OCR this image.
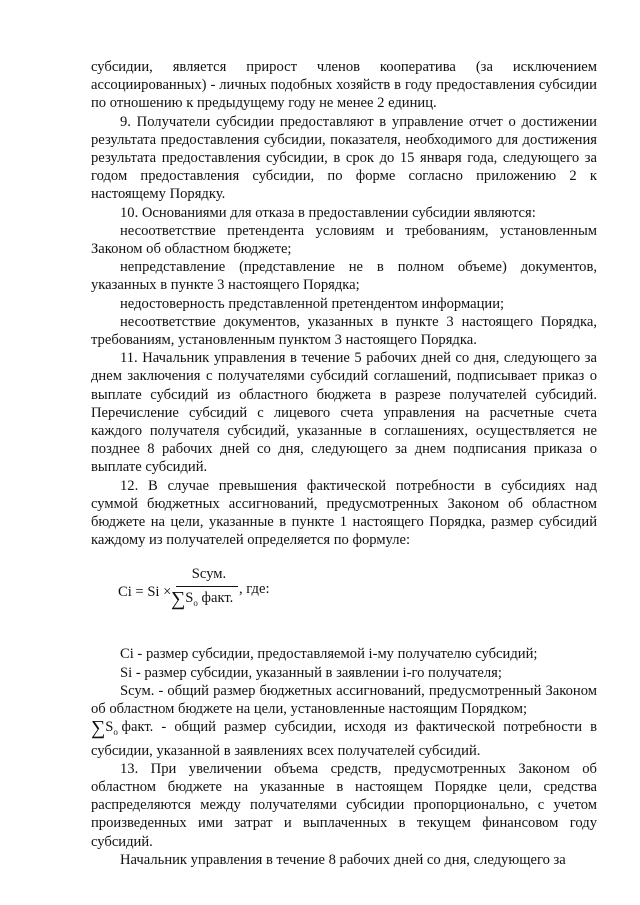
субсидии, является прирост членов кооператива (за исключением ассоциированных) - личных подобных хозяйств в году предоставления субсидии по отношению к предыдущему году не менее 2 единиц.

9. Получатели субсидии предоставляют в управление отчет о достижении результата предоставления субсидии, показателя, необходимого для достижения результата предоставления субсидии, в срок до 15 января года, следующего за годом предоставления субсидии, по форме согласно приложению 2 к настоящему Порядку.

10. Основаниями для отказа в предоставлении субсидии являются:

несоответствие претендента условиям и требованиям, установленным Законом об областном бюджете;

непредставление (представление не в полном объеме) документов, указанных в пункте 3 настоящего Порядка;

недостоверность представленной претендентом информации;

несоответствие документов, указанных в пункте 3 настоящего Порядка, требованиям, установленным пунктом 3 настоящего Порядка.

11. Начальник управления в течение 5 рабочих дней со дня, следующего за днем заключения с получателями субсидий соглашений, подписывает приказ о выплате субсидий из областного бюджета в разрезе получателей субсидий. Перечисление субсидий с лицевого счета управления на расчетные счета каждого получателя субсидий, указанные в соглашениях, осуществляется не позднее 8 рабочих дней со дня, следующего за днем подписания приказа о выплате субсидий.

12. В случае превышения фактической потребности в субсидиях над суммой бюджетных ассигнований, предусмотренных Законом об областном бюджете на цели, указанные в пункте 1 настоящего Порядка, размер субсидий каждому из получателей определяется по формуле:

Ci = Si ×
Sсум.
$\sum S_o$ факт.
, где:

Ci - размер субсидии, предоставляемой i-му получателю субсидий;

Si - размер субсидии, указанный в заявлении i-го получателя;

Sсум. - общий размер бюджетных ассигнований, предусмотренный Законом об областном бюджете на цели, установленные настоящим Порядком;

$\sum S_o$ факт. - общий размер субсидии, исходя из фактической потребности в субсидии, указанной в заявлениях всех получателей субсидий.

13. При увеличении объема средств, предусмотренных Законом об областном бюджете на указанные в настоящем Порядке цели, средства распределяются между получателями субсидии пропорционально, с учетом произведенных ими затрат и выплаченных в текущем финансовом году субсидий.

Начальник управления в течение 8 рабочих дней со дня, следующего за
